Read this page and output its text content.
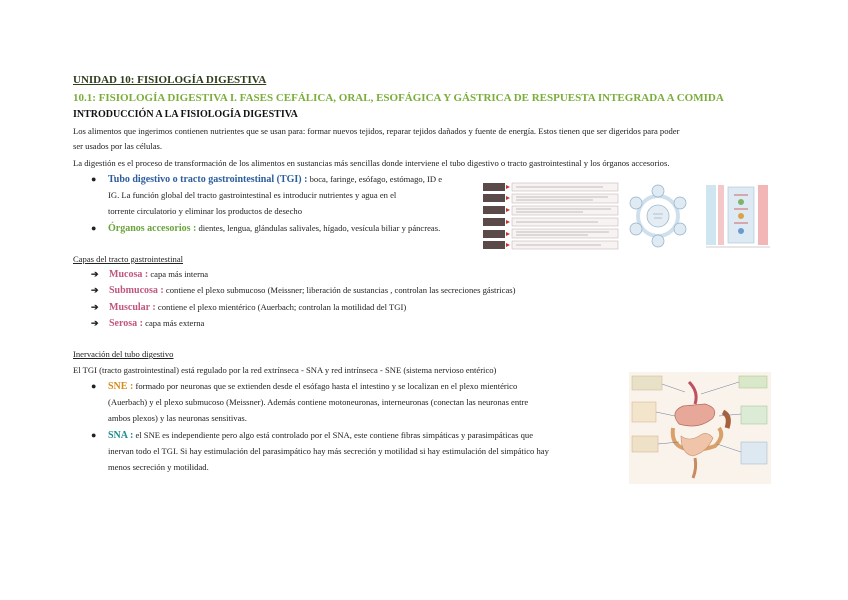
UNIDAD 10: FISIOLOGÍA DIGESTIVA
10.1: FISIOLOGÍA DIGESTIVA I. FASES CEFÁLICA, ORAL, ESOFÁGICA Y GÁSTRICA DE RESPUESTA INTEGRADA A COMIDA
INTRODUCCIÓN A LA FISIOLOGÍA DIGESTIVA
Los alimentos que ingerimos contienen nutrientes que se usan para: formar nuevos tejidos, reparar tejidos dañados y fuente de energía. Estos tienen que ser digeridos para poder
ser usados por las células.
La digestión es el proceso de transformación de los alimentos en sustancias más sencillas donde interviene el tubo digestivo o tracto gastrointestinal y los órganos accesorios.
● Tubo digestivo o tracto gastrointestinal (TGI) : boca, faringe, esófago, estómago, ID e
IG. La función global del tracto gastrointestinal es introducir nutrientes y agua en el
torrente circulatorio y eliminar los productos de desecho
● Órganos accesorios : dientes, lengua, glándulas salivales, hígado, vesícula biliar y páncreas.
Capas del tracto gastrointestinal
➔ Mucosa : capa más interna
➔ Submucosa : contiene el plexo submucoso (Meissner; liberación de sustancias , controlan las secreciones gástricas)
➔ Muscular : contiene el plexo mientérico (Auerbach; controlan la motilidad del TGI)
➔ Serosa : capa más externa
Inervación del tubo digestivo
El TGI (tracto gastrointestinal) está regulado por la red extrínseca - SNA y red intrínseca - SNE (sistema nervioso entérico)
● SNE : formado por neuronas que se extienden desde el esófago hasta el intestino y se localizan en el plexo mientérico
(Auerbach) y el plexo submucoso (Meissner). Además contiene motoneuronas, interneuronas (conectan las neuronas entre
ambos plexos) y las neuronas sensitivas.
● SNA : el SNE es independiente pero algo está controlado por el SNA, este contiene fibras simpáticas y parasimpáticas que
inervan todo el TGI. Si hay estimulación del parasimpático hay más secreción y motilidad si hay estimulación del simpático hay
menos secreción y motilidad.
